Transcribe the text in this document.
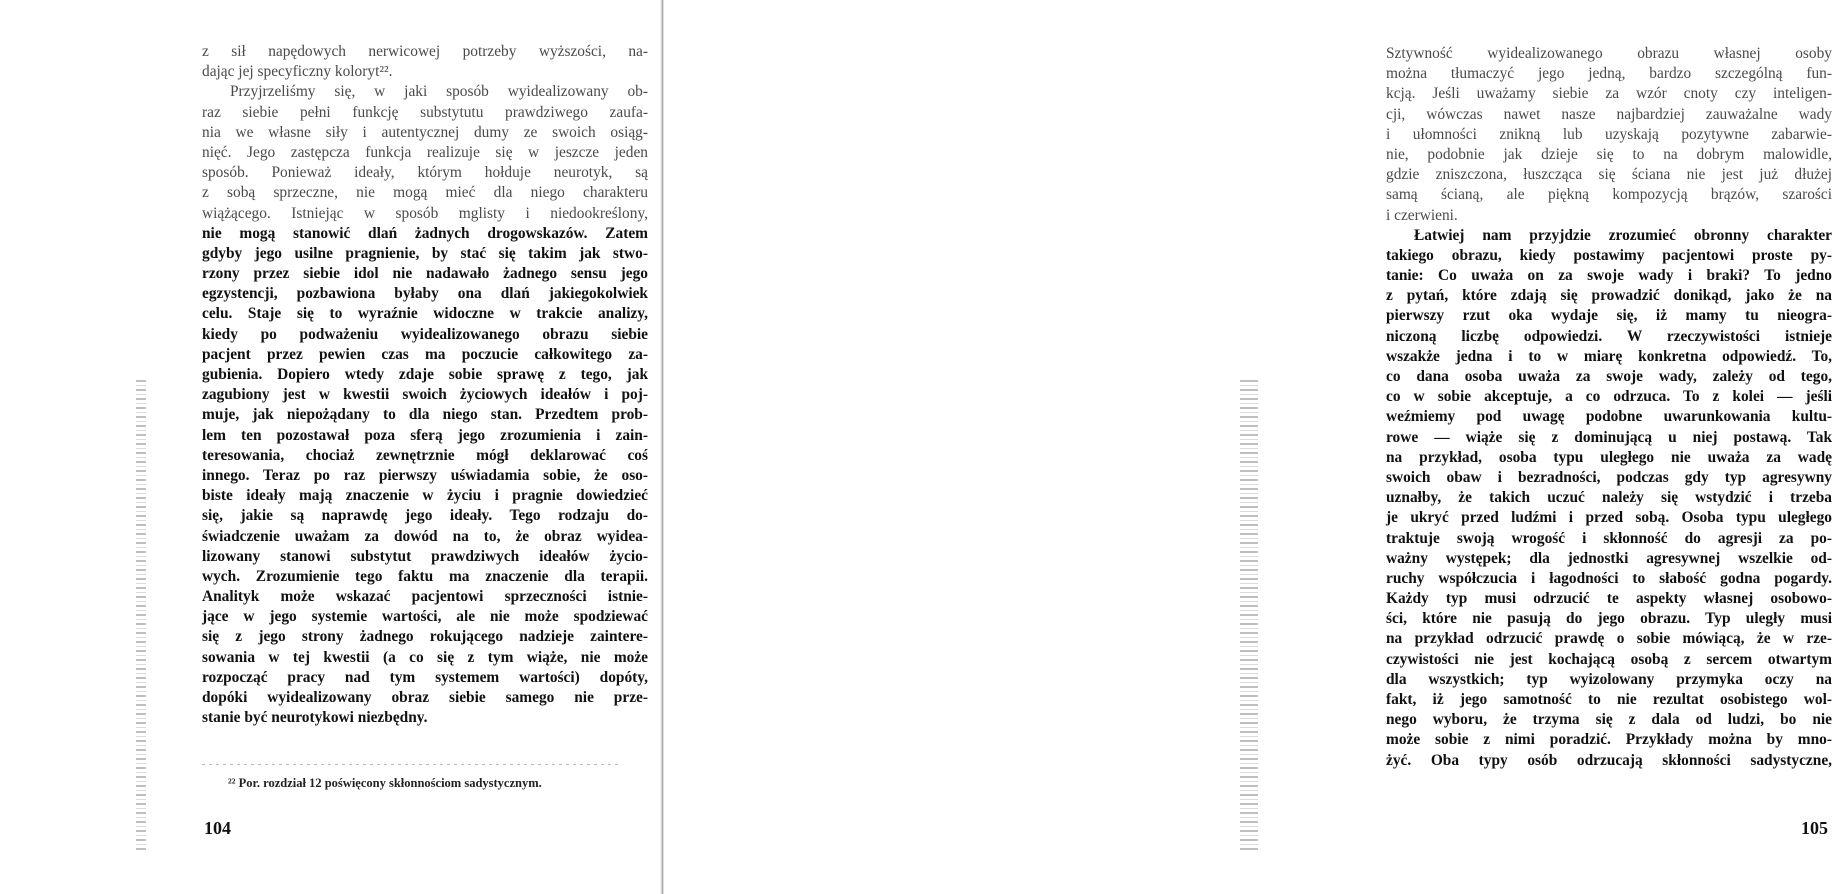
z sił napędowych nerwicowej potrzeby wyższości, na-
dając jej specyficzny koloryt²².
Przyjrzeliśmy się, w jaki sposób wyidealizowany ob-
raz siebie pełni funkcję substytutu prawdziwego zaufa-
nia we własne siły i autentycznej dumy ze swoich osiąg-
nięć. Jego zastępcza funkcja realizuje się w jeszcze jeden
sposób. Ponieważ ideały, którym hołduje neurotyk, są
z sobą sprzeczne, nie mogą mieć dla niego charakteru
wiążącego. Istniejąc w sposób mglisty i niedookreślony,
nie mogą stanowić dlań żadnych drogowskazów. Zatem
gdyby jego usilne pragnienie, by stać się takim jak stwo-
rzony przez siebie idol nie nadawało żadnego sensu jego
egzystencji, pozbawiona byłaby ona dlań jakiegokolwiek
celu. Staje się to wyraźnie widoczne w trakcie analizy,
kiedy po podważeniu wyidealizowanego obrazu siebie
pacjent przez pewien czas ma poczucie całkowitego za-
gubienia. Dopiero wtedy zdaje sobie sprawę z tego, jak
zagubiony jest w kwestii swoich życiowych ideałów i poj-
muje, jak niepożądany to dla niego stan. Przedtem prob-
lem ten pozostawał poza sferą jego zrozumienia i zain-
teresowania, chociaż zewnętrznie mógł deklarować coś
innego. Teraz po raz pierwszy uświadamia sobie, że oso-
biste ideały mają znaczenie w życiu i pragnie dowiedzieć
się, jakie są naprawdę jego ideały. Tego rodzaju do-
świadczenie uważam za dowód na to, że obraz wyidea-
lizowany stanowi substytut prawdziwych ideałów życio-
wych. Zrozumienie tego faktu ma znaczenie dla terapii.
Analityk może wskazać pacjentowi sprzeczności istnie-
jące w jego systemie wartości, ale nie może spodziewać
się z jego strony żadnego rokującego nadzieje zaintere-
sowania w tej kwestii (a co się z tym wiąże, nie może
rozpocząć pracy nad tym systemem wartości) dopóty,
dopóki wyidealizowany obraz siebie samego nie prze-
stanie być neurotykowi niezbędny.
²² Por. rozdział 12 poświęcony skłonnościom sadystycznym.
104
Sztywność wyidealizowanego obrazu własnej osoby
można tłumaczyć jego jedną, bardzo szczególną fun-
kcją. Jeśli uważamy siebie za wzór cnoty czy inteligen-
cji, wówczas nawet nasze najbardziej zauważalne wady
i ułomności znikną lub uzyskają pozytywne zabarwie-
nie, podobnie jak dzieje się to na dobrym malowidle,
gdzie zniszczona, łuszcząca się ściana nie jest już dłużej
samą ścianą, ale piękną kompozycją brązów, szarości
i czerwieni.
Łatwiej nam przyjdzie zrozumieć obronny charakter
takiego obrazu, kiedy postawimy pacjentowi proste py-
tanie: Co uważa on za swoje wady i braki? To jedno
z pytań, które zdają się prowadzić donikąd, jako że na
pierwszy rzut oka wydaje się, iż mamy tu nieogra-
niczoną liczbę odpowiedzi. W rzeczywistości istnieje
wszakże jedna i to w miarę konkretna odpowiedź. To,
co dana osoba uważa za swoje wady, zależy od tego,
co w sobie akceptuje, a co odrzuca. To z kolei — jeśli
weźmiemy pod uwagę podobne uwarunkowania kultu-
rowe — wiąże się z dominującą u niej postawą. Tak
na przykład, osoba typu uległego nie uważa za wadę
swoich obaw i bezradności, podczas gdy typ agresywny
uznałby, że takich uczuć należy się wstydzić i trzeba
je ukryć przed ludźmi i przed sobą. Osoba typu uległego
traktuje swoją wrogość i skłonność do agresji za po-
ważny występek; dla jednostki agresywnej wszelkie od-
ruchy współczucia i łagodności to słabość godna pogardy.
Każdy typ musi odrzucić te aspekty własnej osobowo-
ści, które nie pasują do jego obrazu. Typ uległy musi
na przykład odrzucić prawdę o sobie mówiącą, że w rze-
czywistości nie jest kochającą osobą z sercem otwartym
dla wszystkich; typ wyizolowany przymyka oczy na
fakt, iż jego samotność to nie rezultat osobistego wol-
nego wyboru, że trzyma się z dala od ludzi, bo nie
może sobie z nimi poradzić. Przykłady można by mno-
żyć. Oba typy osób odrzucają skłonności sadystyczne,
105
